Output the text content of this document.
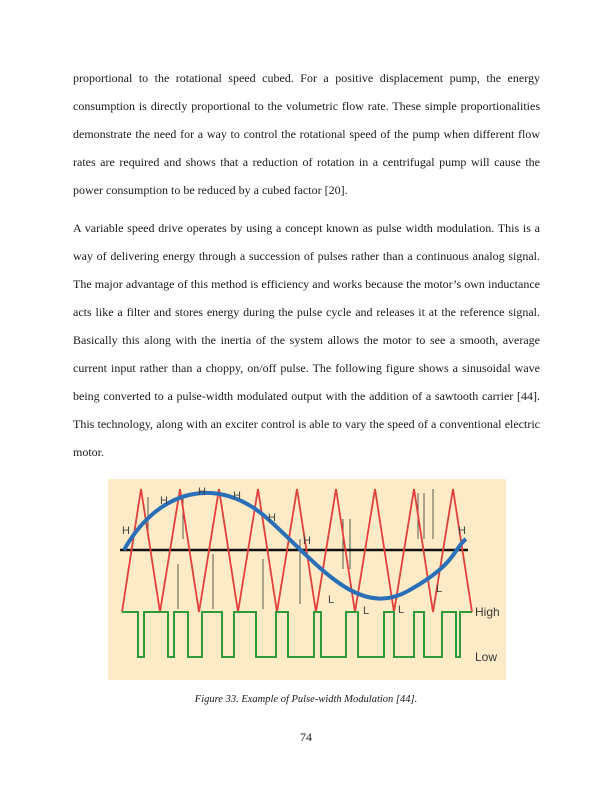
proportional to the rotational speed cubed. For a positive displacement pump, the energy consumption is directly proportional to the volumetric flow rate. These simple proportionalities demonstrate the need for a way to control the rotational speed of the pump when different flow rates are required and shows that a reduction of rotation in a centrifugal pump will cause the power consumption to be reduced by a cubed factor [20].

A variable speed drive operates by using a concept known as pulse width modulation. This is a way of delivering energy through a succession of pulses rather than a continuous analog signal. The major advantage of this method is efficiency and works because the motor’s own inductance acts like a filter and stores energy during the pulse cycle and releases it at the reference signal. Basically this along with the inertia of the system allows the motor to see a smooth, average current input rather than a choppy, on/off pulse. The following figure shows a sinusoidal wave being converted to a pulse-width modulated output with the addition of a sawtooth carrier [44]. This technology, along with an exciter control is able to vary the speed of a conventional electric motor.

H
H
H H
H
H
L
L	L
L
H
High
Low
Figure 33. Example of Pulse-width Modulation [44].
74
